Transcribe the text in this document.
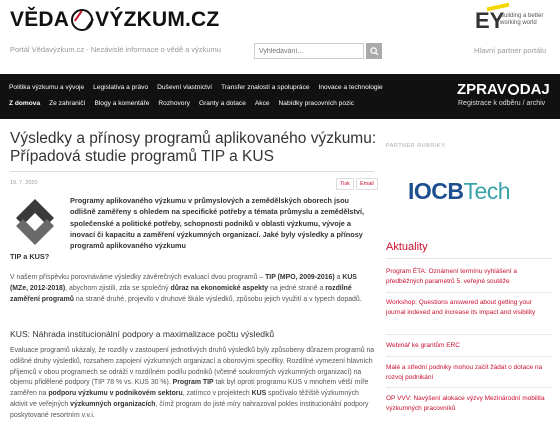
VĚDA VÝZKUM.CZ
Portál Vědavýzkum.cz - Nezávislé informace o vědě a výzkumu
Vyhledávání...
EY
Building a better
working world
Hlavní partner portálu
Politika výzkumu a vývoje Legislativa a právo Duševní vlastnictví Transfer znalostí a spolupráce Inovace a technologie
Z domova Ze zahraničí Blogy a komentáře Rozhovory Granty a dotace Akce Nabídky pracovních pozic
ZPRAV DAJ
Registrace k odběru / archiv
Výsledky a přínosy programů aplikovaného výzkumu: Případová studie programů TIP a KUS
19. 7. 2020	Tisk	Email
Programy aplikovaného výzkumu v průmyslových a zemědělských oborech jsou odlišně zaměřeny s ohledem na specifické potřeby a témata průmyslu a zemědělství, společenské a politické potřeby, schopnosti podniků v oblasti výzkumu, vývoje a inovací či kapacitu a zaměření výzkumných organizací. Jaké byly výsledky a přínosy programů aplikovaného výzkumu
TIP a KUS?
V našem příspěvku porovnáváme výsledky závěrečných evaluací dvou programů – TIP (MPO, 2009-2016) a KUS (MZe, 2012-2018), abychom zjistili, zda se společný důraz na ekonomické aspekty na jedné straně a rozdílné zaměření programů na straně druhé, projevilo v druhové škále výsledků, způsobu jejich využití a v typech dopadů.
KUS: Náhrada institucionální podpory a maximalizace počtu výsledků
Evaluace programů ukázaly, že rozdíly v zastoupení jednotlivých druhů výsledků byly způsobeny důrazem programů na odlišné druhy výsledků, rozsahem zapojení výzkumných organizací a oborovými specifiky. Rozdílné vymezení hlavních příjemců v obou programech se odráží v rozdílném podílu podniků (včetně soukromých výzkumných organizací) na objemu přidělené podpory (TIP 78 % vs. KUS 30 %). Program TIP tak byl oproti programu KUS v mnohem větší míře zaměřen na podporu výzkumu v podnikovém sektoru, zatímco v projektech KUS spočívalo těžiště výzkumných aktivit ve veřejných výzkumných organizacích, čímž program do jisté míry nahrazoval pokles institucionální podpory poskytované resortním v.v.i.
PARTNER RUBRIKY:
IOCBTech
Aktuality
Program ÉTA: Oznámení termínu vyhlášení a předběžných parametrů 5. veřejné soutěže
Workshop: Questions answered about getting your journal indexed and increase its impact and visibility
Webinář ke grantům ERC
Malé a střední podniky mohou začít žádat o dotace na rozvoj podnikání
OP VVV: Navýšení alokace výzvy Mezinárodní mobilita výzkumných pracovníků
